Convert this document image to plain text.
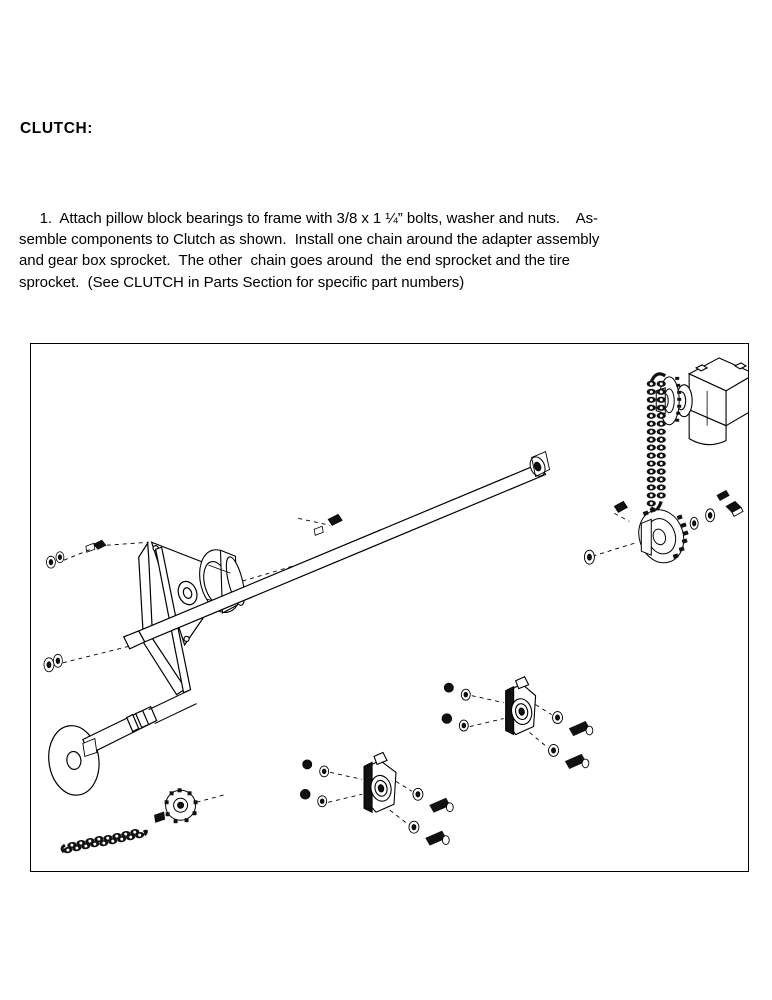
CLUTCH:
1.  Attach pillow block bearings to frame with 3/8 x 1 ¼” bolts, washer and nuts.    As-
semble components to Clutch as shown.  Install one chain around the adapter assembly
and gear box sprocket.  The other  chain goes around  the end sprocket and the tire
sprocket.  (See CLUTCH in Parts Section for specific part numbers)
